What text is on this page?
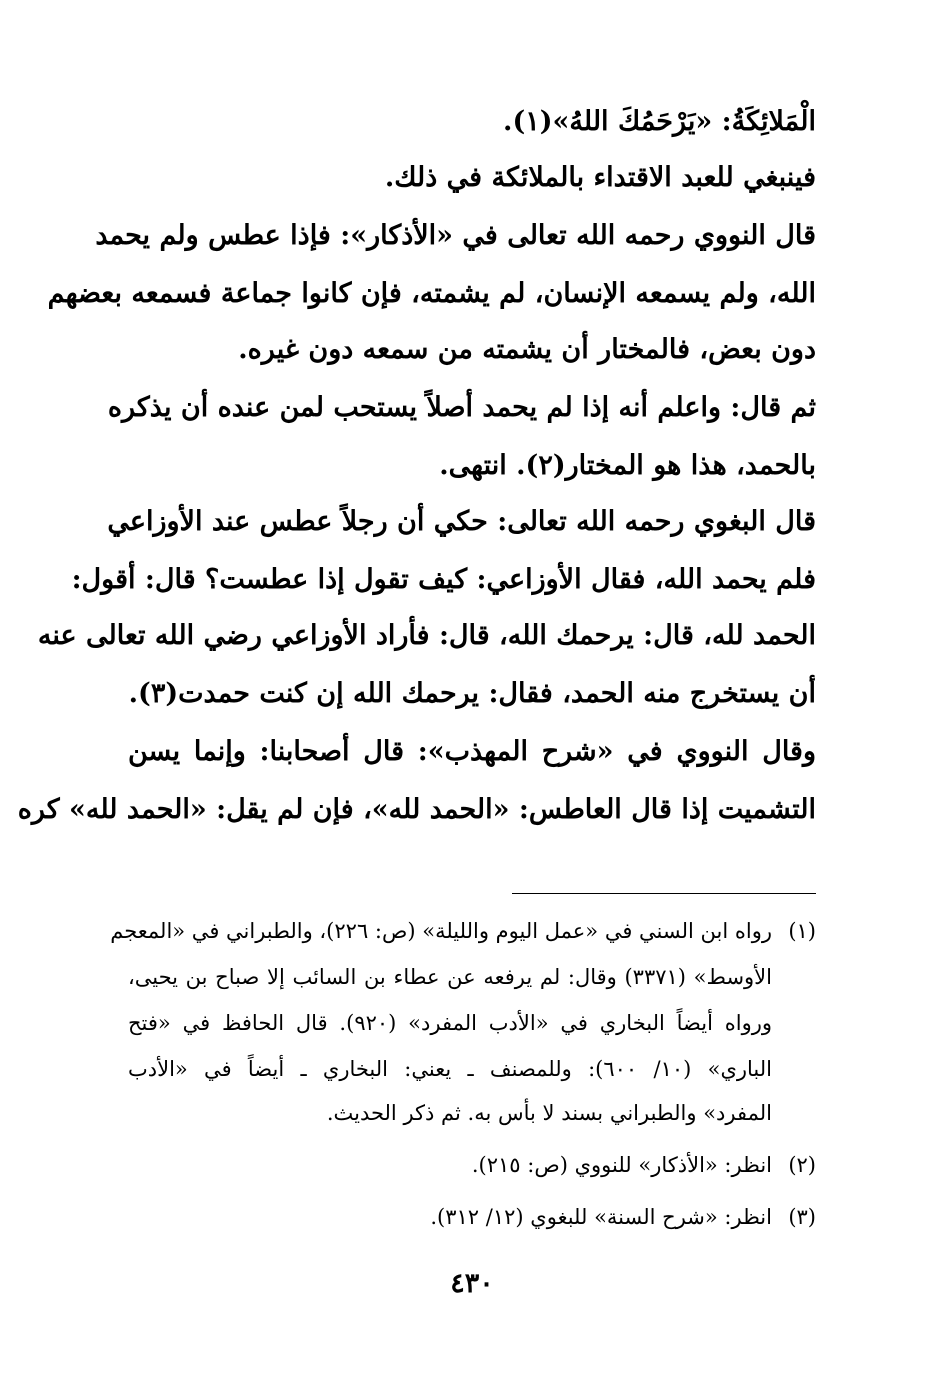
الْمَلائِكَةُ: «يَرْحَمُكَ اللهُ»(١).
فينبغي للعبد الاقتداء بالملائكة في ذلك.
قال النووي رحمه الله تعالى في «الأذكار»: فإذا عطس ولم يحمد
الله، ولم يسمعه الإنسان، لم يشمته، فإن كانوا جماعة فسمعه بعضهم
دون بعض، فالمختار أن يشمته من سمعه دون غيره.
ثم قال: واعلم أنه إذا لم يحمد أصلاً يستحب لمن عنده أن يذكره
بالحمد، هذا هو المختار(٢). انتهى.
قال البغوي رحمه الله تعالى: حكي أن رجلاً عطس عند الأوزاعي
فلم يحمد الله، فقال الأوزاعي: كيف تقول إذا عطست؟ قال: أقول:
الحمد لله، قال: يرحمك الله، قال: فأراد الأوزاعي رضي الله تعالى عنه
أن يستخرج منه الحمد، فقال: يرحمك الله إن كنت حمدت(٣).
وقال النووي في «شرح المهذب»: قال أصحابنا: وإنما يسن
التشميت إذا قال العاطس: «الحمد لله»، فإن لم يقل: «الحمد لله» كره
(١)
رواه ابن السني في «عمل اليوم والليلة» (ص: ٢٢٦)، والطبراني في «المعجم
الأوسط» (٣٣٧١) وقال: لم يرفعه عن عطاء بن السائب إلا صباح بن يحيى،
ورواه أيضاً البخاري في «الأدب المفرد» (٩٢٠). قال الحافظ في «فتح
الباري» (١٠/ ٦٠٠): وللمصنف ـ يعني: البخاري ـ أيضاً في «الأدب
المفرد» والطبراني بسند لا بأس به. ثم ذكر الحديث.
(٢)
انظر: «الأذكار» للنووي (ص: ٢١٥).
(٣)
انظر: «شرح السنة» للبغوي (١٢/ ٣١٢).
٤٣٠
